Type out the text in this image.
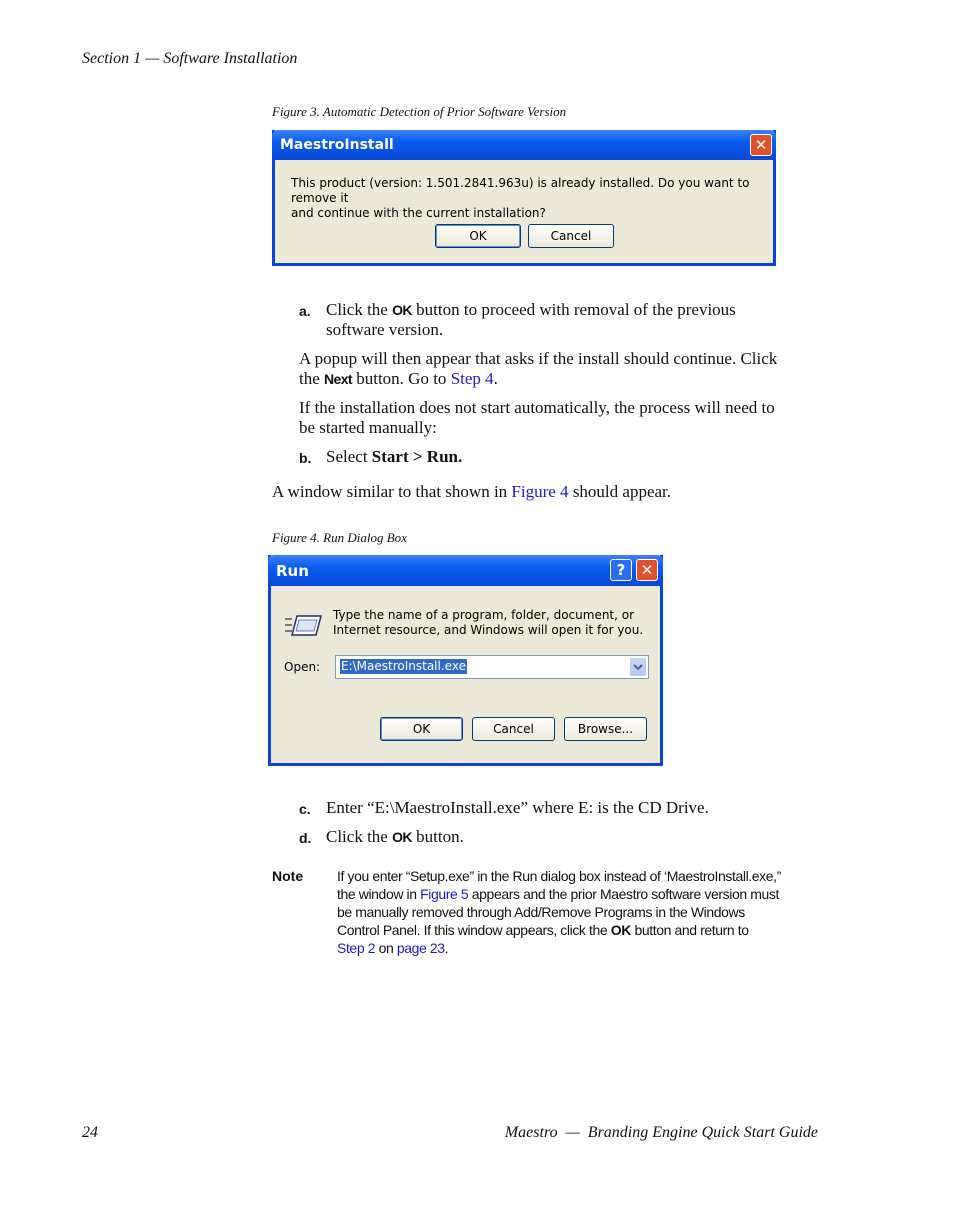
Section 1 — Software Installation
Figure 3. Automatic Detection of Prior Software Version
MaestroInstall	✕
This product (version: 1.501.2841.963u) is already installed. Do you want to remove it
and continue with the current installation?
OK	Cancel
a. Click the OK button to proceed with removal of the previous
software version.
A popup will then appear that asks if the install should continue. Click
the Next button. Go to Step 4.
If the installation does not start automatically, the process will need to
be started manually:
b. Select Start > Run.
A window similar to that shown in Figure 4 should appear.
Figure 4. Run Dialog Box
Run	?	✕
Type the name of a program, folder, document, or
Internet resource, and Windows will open it for you.
Open: E:\MaestroInstall.exe
OK	Cancel	Browse...
c. Enter “E:\MaestroInstall.exe” where E: is the CD Drive.
d. Click the OK button.
Note If you enter “Setup.exe” in the Run dialog box instead of ‘MaestroInstall.exe,”
the window in Figure 5 appears and the prior Maestro software version must
be manually removed through Add/Remove Programs in the Windows
Control Panel. If this window appears, click the OK button and return to
Step 2 on page 23.
24	Maestro  —  Branding Engine Quick Start Guide
